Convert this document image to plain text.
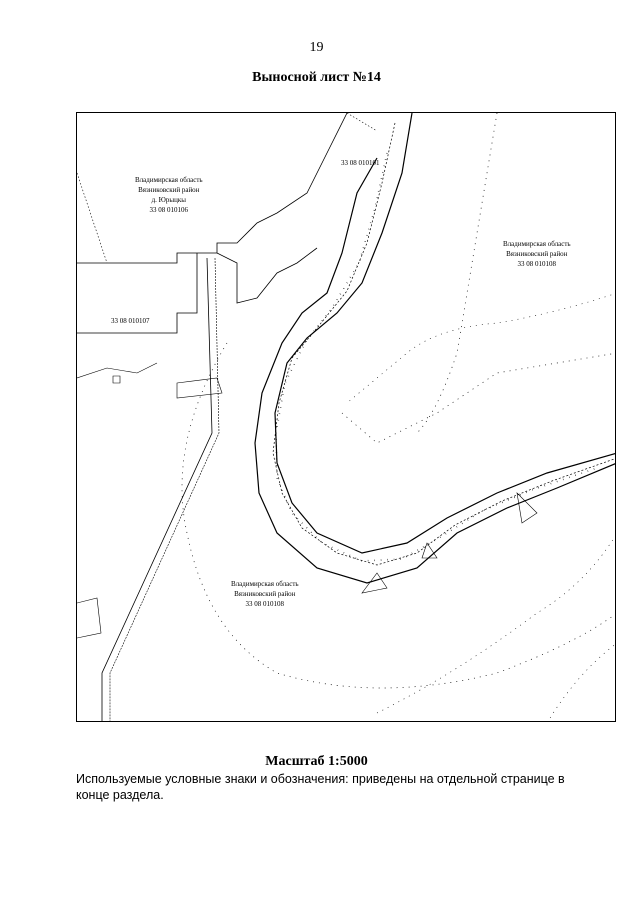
19
Выносной лист №14
Владимирская область
Вязниковский район
д. Юрыцкы
33 08 010106
Владимирская область
Вязниковский район
33 08 010108
Владимирская область
Вязниковский район
33 08 010108
33 08 010101
33 08 010107
Масштаб 1:5000
Используемые условные знаки и обозначения: приведены на отдельной странице в конце раздела.
